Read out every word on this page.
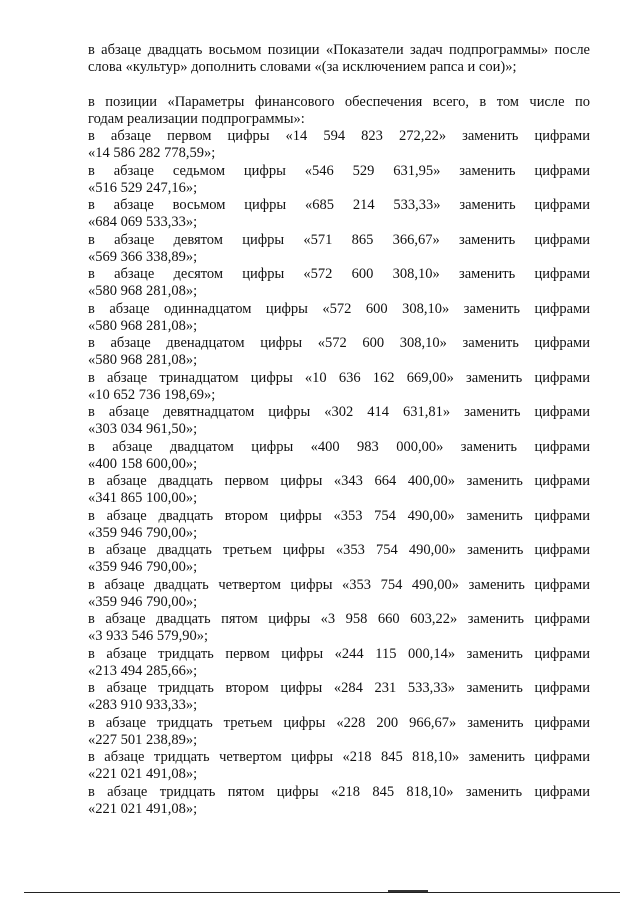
в абзаце двадцать восьмом позиции «Показатели задач подпрограммы» после
слова «культур» дополнить словами «(за исключением рапса и сои)»;

в позиции «Параметры финансового обеспечения всего, в том числе по
годам реализации подпрограммы»:

в абзаце первом цифры «14 594 823 272,22» заменить цифрами
«14 586 282 778,59»;

в абзаце седьмом цифры «546 529 631,95» заменить цифрами
«516 529 247,16»;

в абзаце восьмом цифры «685 214 533,33» заменить цифрами
«684 069 533,33»;

в абзаце девятом цифры «571 865 366,67» заменить цифрами
«569 366 338,89»;

в абзаце десятом цифры «572 600 308,10» заменить цифрами
«580 968 281,08»;

в абзаце одиннадцатом цифры «572 600 308,10» заменить цифрами
«580 968 281,08»;

в абзаце двенадцатом цифры «572 600 308,10» заменить цифрами
«580 968 281,08»;

в абзаце тринадцатом цифры «10 636 162 669,00» заменить цифрами
«10 652 736 198,69»;

в абзаце девятнадцатом цифры «302 414 631,81» заменить цифрами
«303 034 961,50»;

в абзаце двадцатом цифры «400 983 000,00» заменить цифрами
«400 158 600,00»;

в абзаце двадцать первом цифры «343 664 400,00» заменить цифрами
«341 865 100,00»;

в абзаце двадцать втором цифры «353 754 490,00» заменить цифрами
«359 946 790,00»;

в абзаце двадцать третьем цифры «353 754 490,00» заменить цифрами
«359 946 790,00»;

в абзаце двадцать четвертом цифры «353 754 490,00» заменить цифрами
«359 946 790,00»;

в абзаце двадцать пятом цифры «3 958 660 603,22» заменить цифрами
«3 933 546 579,90»;

в абзаце тридцать первом цифры «244 115 000,14» заменить цифрами
«213 494 285,66»;

в абзаце тридцать втором цифры «284 231 533,33» заменить цифрами
«283 910 933,33»;

в абзаце тридцать третьем цифры «228 200 966,67» заменить цифрами
«227 501 238,89»;

в абзаце тридцать четвертом цифры «218 845 818,10» заменить цифрами
«221 021 491,08»;

в абзаце тридцать пятом цифры «218 845 818,10» заменить цифрами
«221 021 491,08»;
